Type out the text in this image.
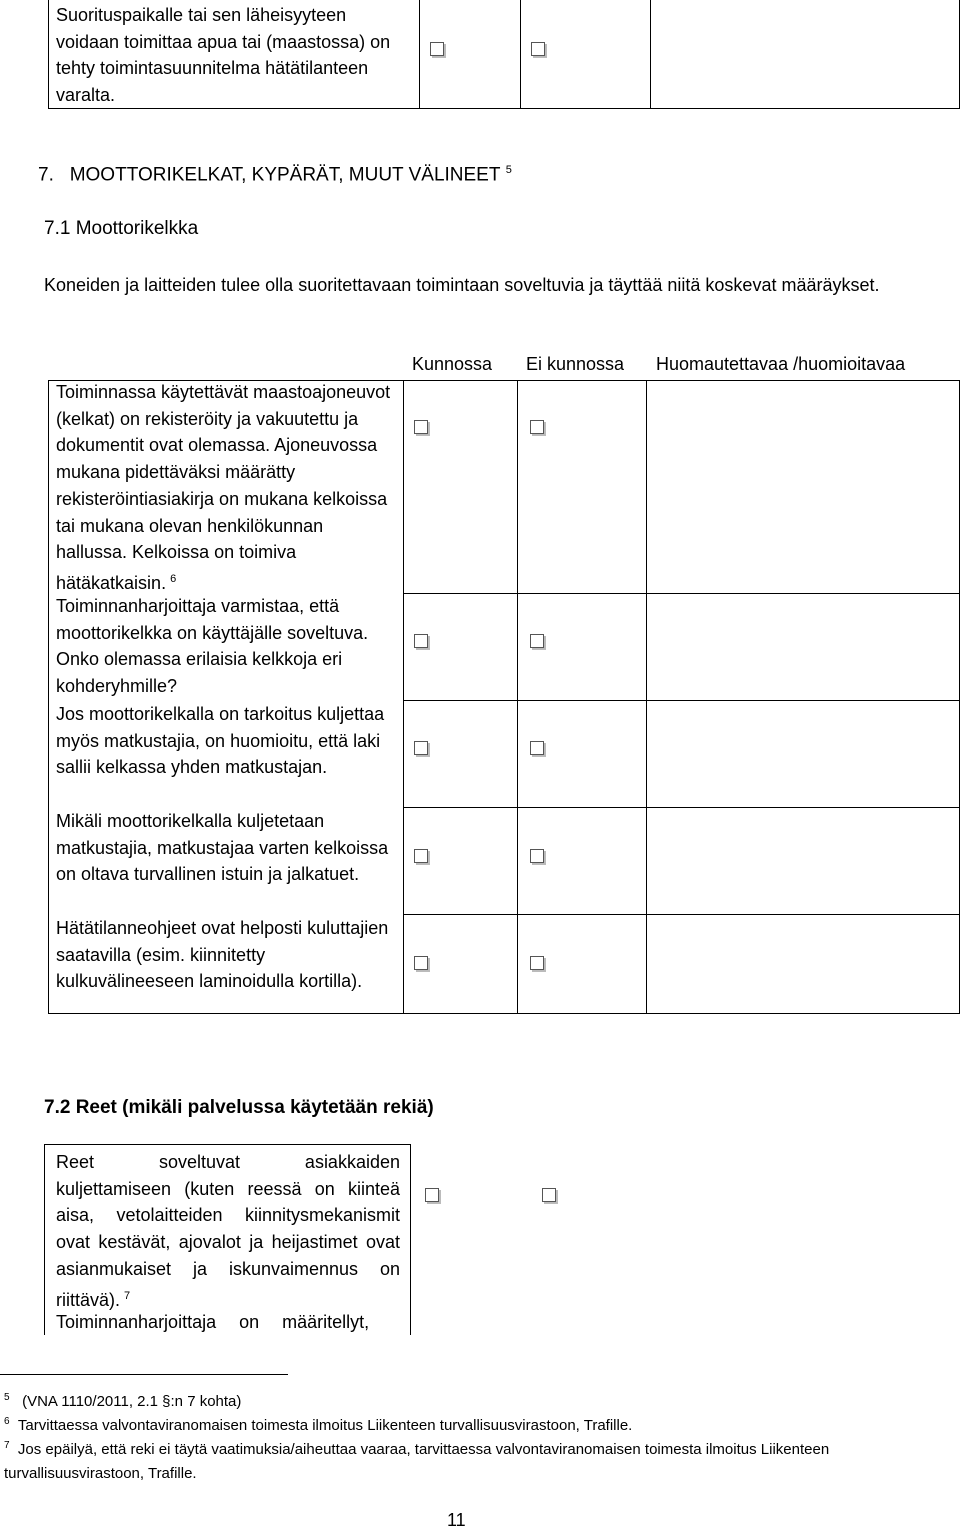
Suorituspaikalle tai sen läheisyyteen voidaan toimittaa apua tai (maastossa) on tehty toimintasuunnitelma hätätilanteen varalta.
7. MOOTTORIKELKAT, KYPÄRÄT, MUUT VÄLINEET $^5$
7.1 Moottorikelkka
Koneiden ja laitteiden tulee olla suoritettavaan toimintaan soveltuvia ja täyttää niitä koskevat määräykset.
Kunnossa Ei kunnossa Huomautettavaa /huomioitavaa
Toiminnassa käytettävät maastoajoneuvot (kelkat) on rekisteröity ja vakuutettu ja dokumentit ovat olemassa. Ajoneuvossa mukana pidettäväksi määrätty rekisteröintiasiakirja on mukana kelkoissa tai mukana olevan henkilökunnan hallussa. Kelkoissa on toimiva hätäkatkaisin. $^6$
Toiminnanharjoittaja varmistaa, että moottorikelkka on käyttäjälle soveltuva. Onko olemassa erilaisia kelkkoja eri kohderyhmille?
Jos moottorikelkalla on tarkoitus kuljettaa myös matkustajia, on huomioitu, että laki sallii kelkassa yhden matkustajan.
Mikäli moottorikelkalla kuljetetaan matkustajia, matkustajaa varten kelkoissa on oltava turvallinen istuin ja jalkatuet.
Hätätilanneohjeet ovat helposti kuluttajien saatavilla (esim. kiinnitetty kulkuvälineeseen laminoidulla kortilla).
7.2 Reet (mikäli palvelussa käytetään rekiä)
Reet soveltuvat asiakkaiden kuljettamiseen (kuten reessä on kiinteä aisa, vetolaitteiden kiinnitysmekanismit ovat kestävät, ajovalot ja heijastimet ovat asianmukaiset ja iskunvaimennus on riittävä). $^7$
Toiminnanharjoittaja on määritellyt,
$^5$ (VNA 1110/2011, 2.1 §:n 7 kohta)
$^6$ Tarvittaessa valvontaviranomaisen toimesta ilmoitus Liikenteen turvallisuusvirastoon, Trafille.
$^7$ Jos epäilyä, että reki ei täytä vaatimuksia/aiheuttaa vaaraa, tarvittaessa valvontaviranomaisen toimesta ilmoitus Liikenteen turvallisuusvirastoon, Trafille.
11
